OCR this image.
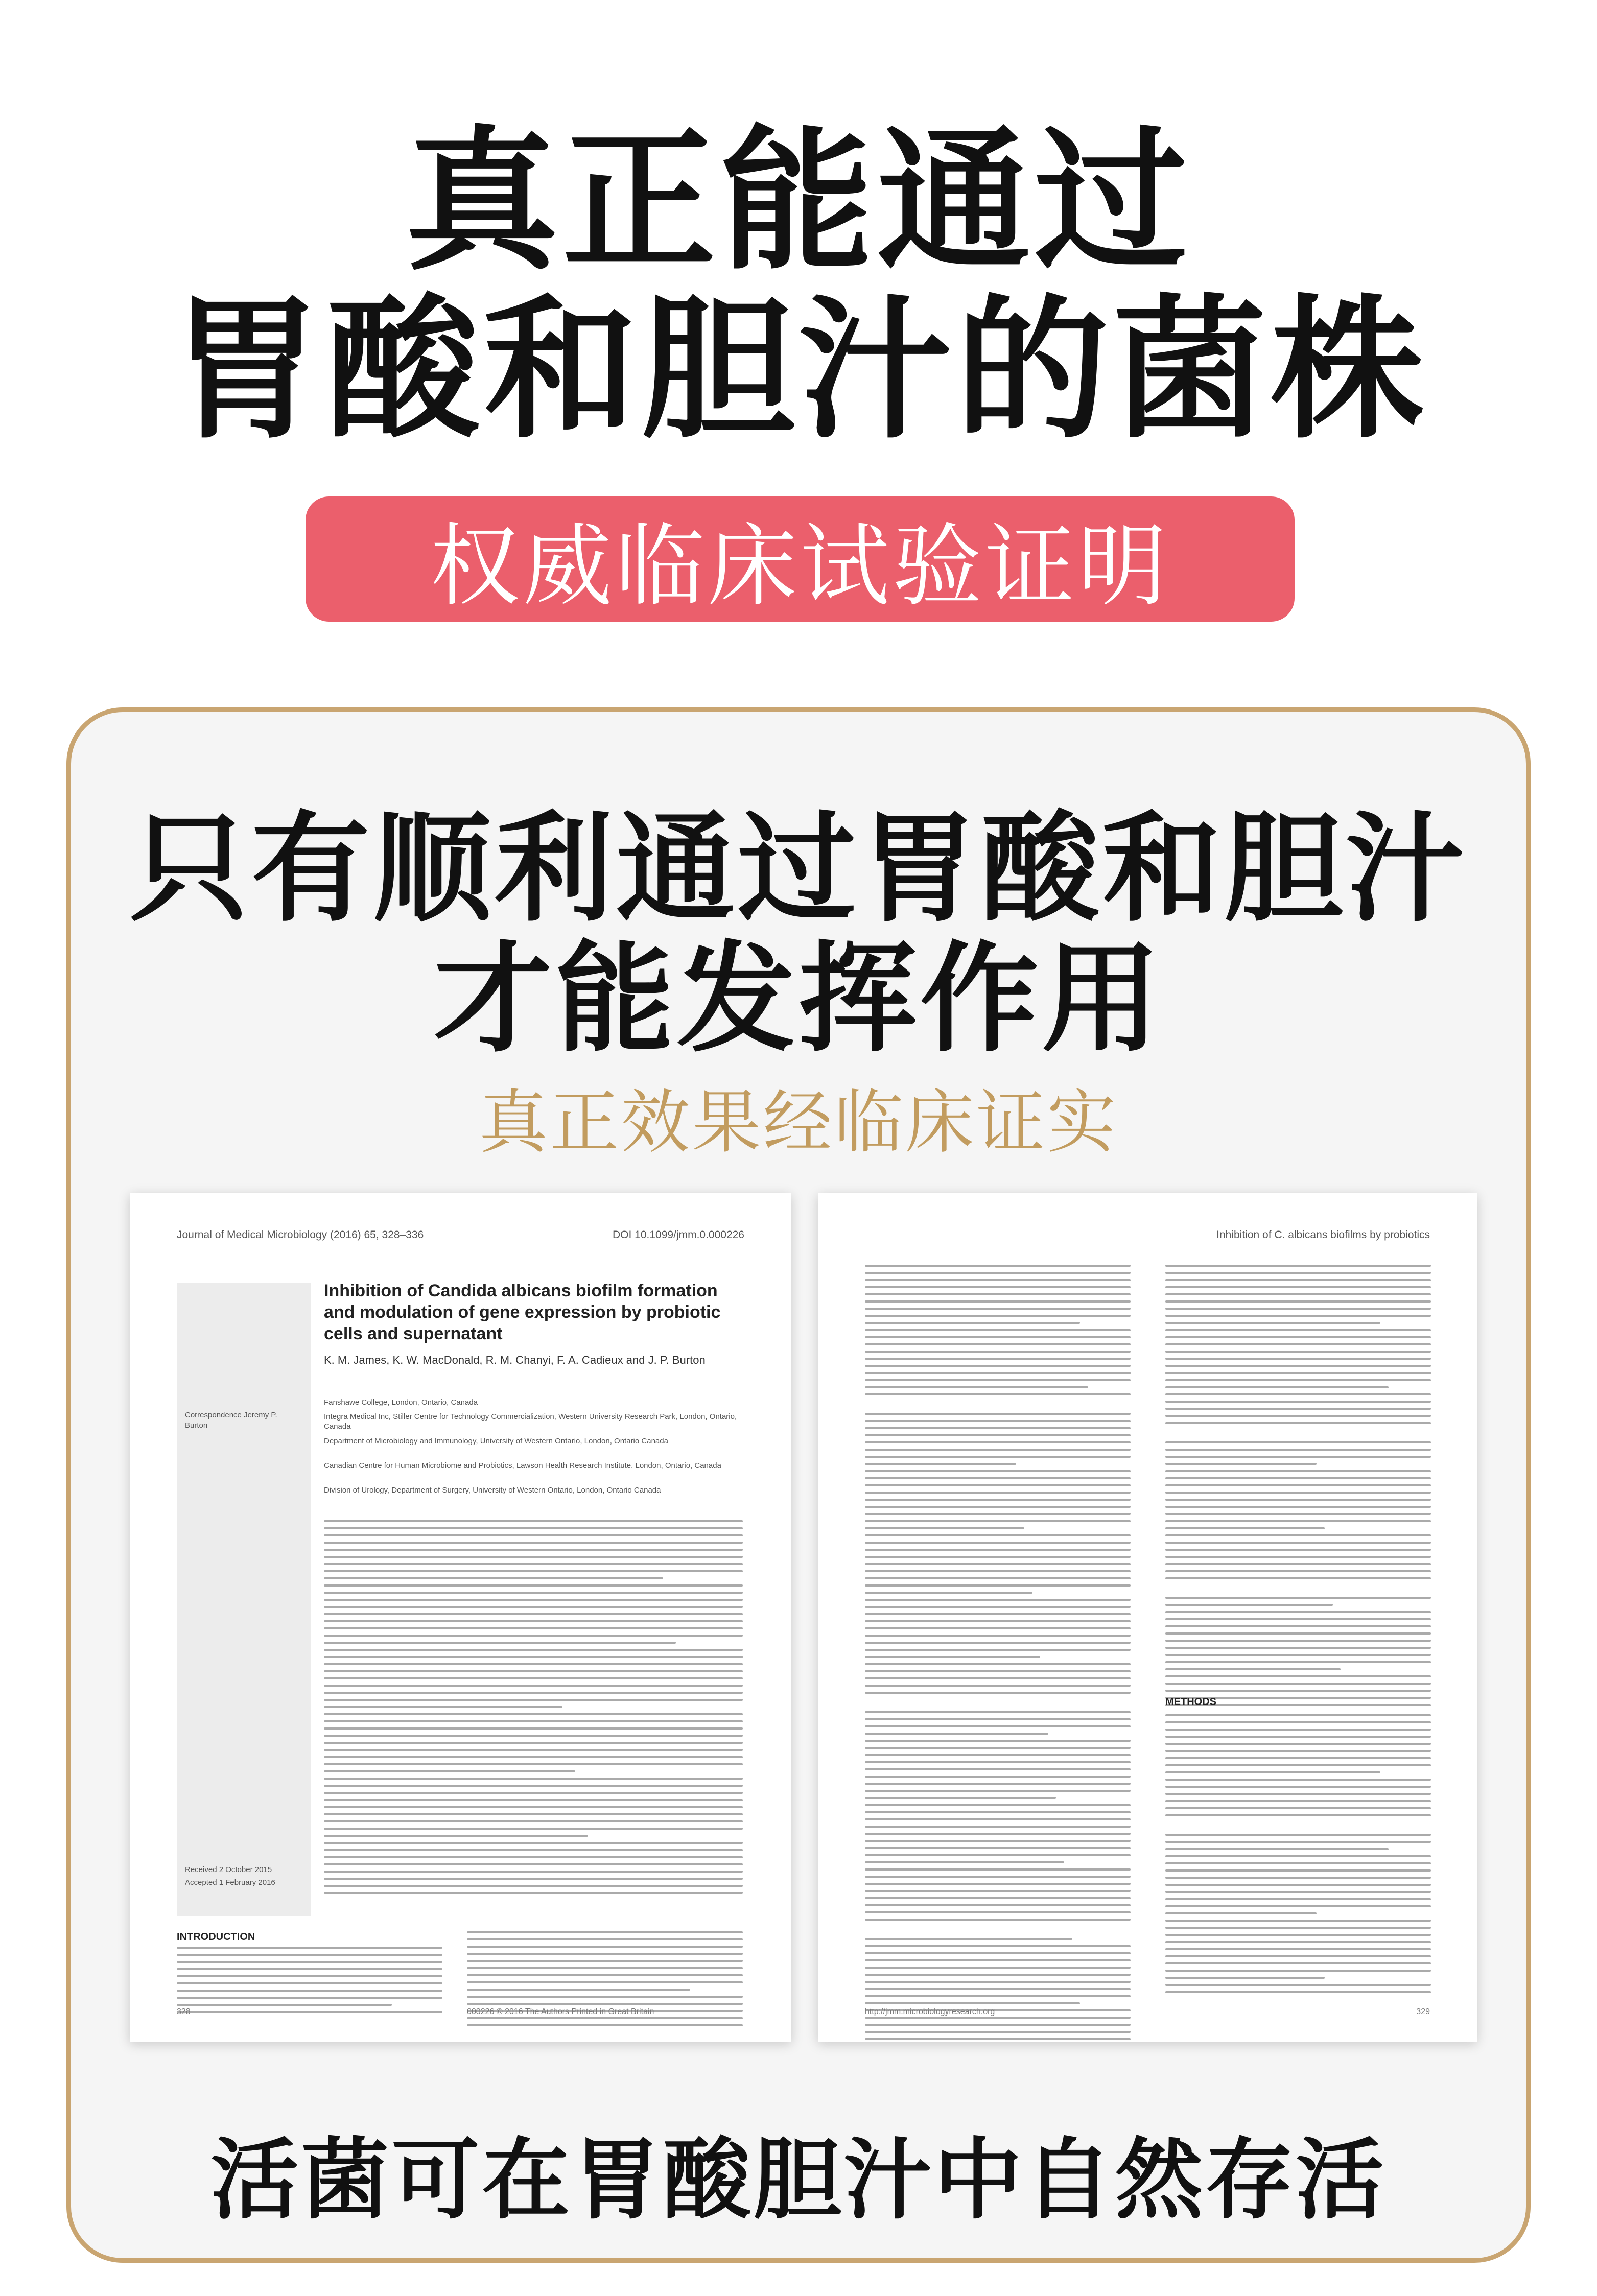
真正能通过
胃酸和胆汁的菌株
权威临床试验证明
只有顺利通过胃酸和胆汁
才能发挥作用

真正效果经临床证实

Journal of Medical Microbiology (2016) 65, 328–336	DOI 10.1099/jmm.0.000226
Correspondence Jeremy P. Burton
Received 2 October 2015
Accepted 1 February 2016
Inhibition of Candida albicans biofilm formation and modulation of gene expression by probiotic cells and supernatant
K. M. James, K. W. MacDonald, R. M. Chanyi, F. A. Cadieux and J. P. Burton
Fanshawe College, London, Ontario, Canada
Integra Medical Inc, Stiller Centre for Technology Commercialization, Western University Research Park, London, Ontario, Canada
Department of Microbiology and Immunology, University of Western Ontario, London, Ontario Canada
Canadian Centre for Human Microbiome and Probiotics, Lawson Health Research Institute, London, Ontario, Canada
Division of Urology, Department of Surgery, University of Western Ontario, London, Ontario Canada
INTRODUCTION
328	000226 © 2016 The Authors Printed in Great Britain
Inhibition of C. albicans biofilms by probiotics
METHODS
http://jmm.microbiologyresearch.org	329

活菌可在胃酸胆汁中自然存活
